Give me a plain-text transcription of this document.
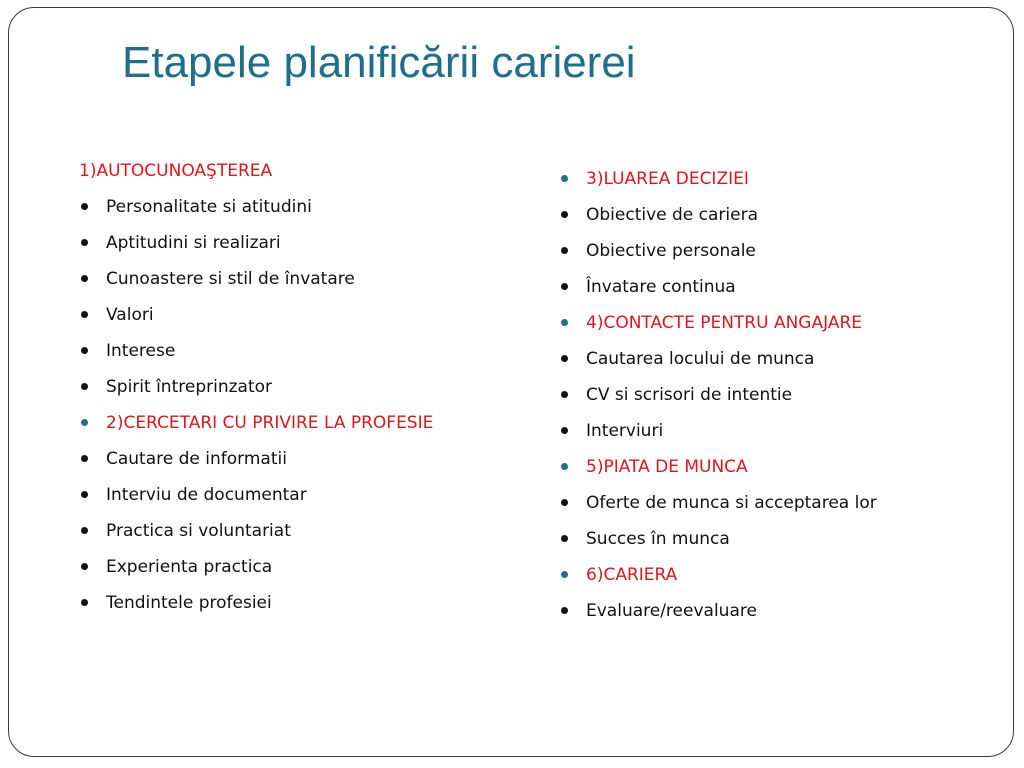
Etapele planificării carierei
1)AUTOCUNOAŞTEREA
Personalitate si atitudini
Aptitudini si realizari
Cunoastere si stil de învatare
Valori
Interese
Spirit întreprinzator
2)CERCETARI CU PRIVIRE LA PROFESIE
Cautare de informatii
Interviu de documentar
Practica si voluntariat
Experienta practica
Tendintele profesiei
3)LUAREA DECIZIEI
Obiective de cariera
Obiective personale
Învatare continua
4)CONTACTE PENTRU ANGAJARE
Cautarea locului de munca
CV si scrisori de intentie
Interviuri
5)PIATA DE MUNCA
Oferte de munca si acceptarea lor
Succes în munca
6)CARIERA
Evaluare/reevaluare
